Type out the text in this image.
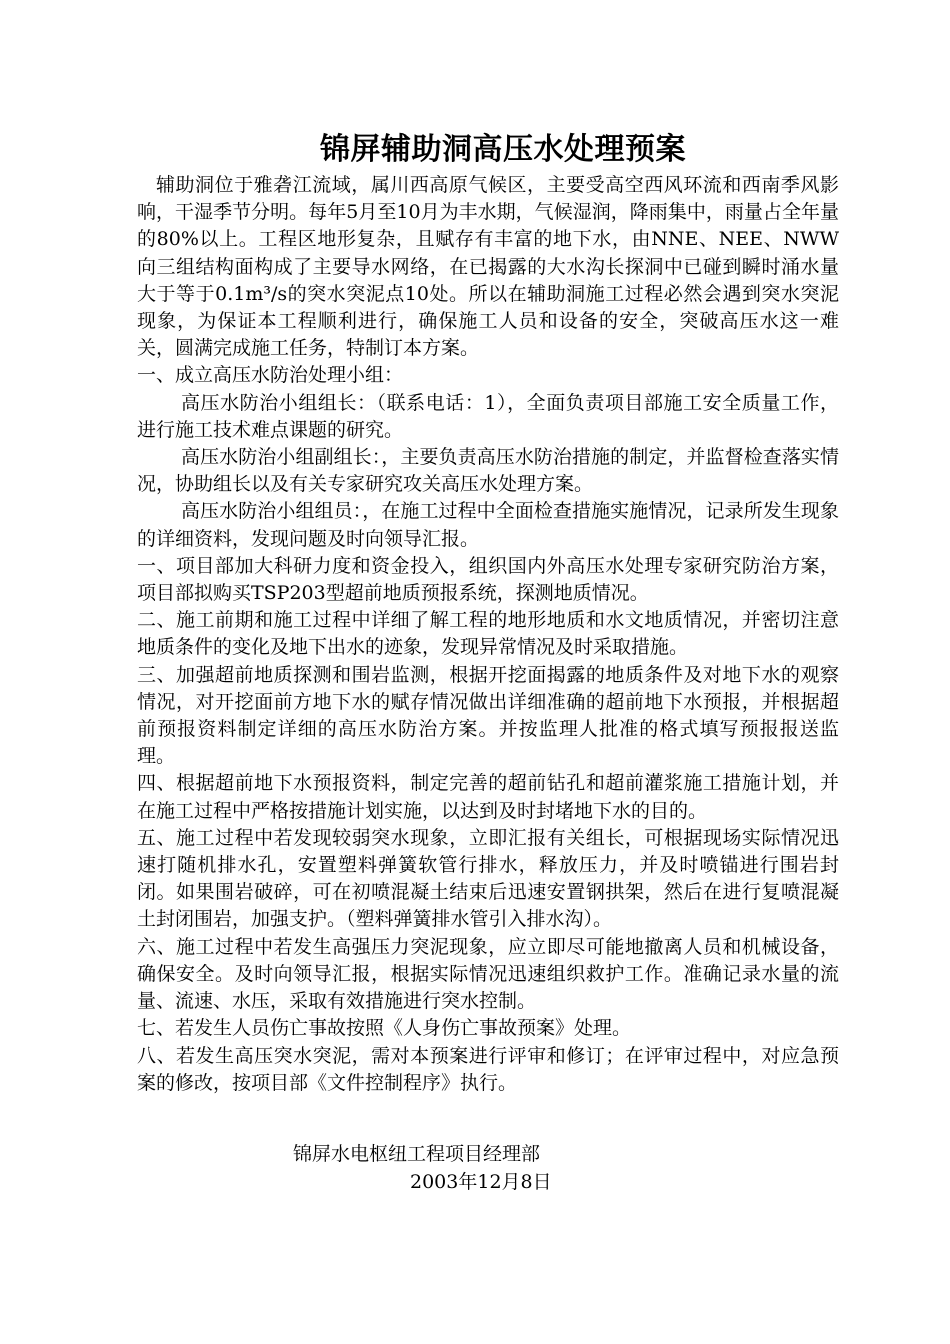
锦屏辅助洞高压水处理预案

辅助洞位于雅砻江流域，属川西高原气候区，主要受高空西风环流和西南季风影响，干湿季节分明。每年5月至10月为丰水期，气候湿润，降雨集中，雨量占全年量的80%以上。工程区地形复杂，且赋存有丰富的地下水，由NNE、NEE、NWW向三组结构面构成了主要导水网络，在已揭露的大水沟长探洞中已碰到瞬时涌水量大于等于0.1m³/s的突水突泥点10处。所以在辅助洞施工过程必然会遇到突水突泥现象，为保证本工程顺利进行，确保施工人员和设备的安全，突破高压水这一难关，圆满完成施工任务，特制订本方案。

一、成立高压水防治处理小组：

高压水防治小组组长：（联系电话：1），全面负责项目部施工安全质量工作，进行施工技术难点课题的研究。

高压水防治小组副组长：，主要负责高压水防治措施的制定，并监督检查落实情况，协助组长以及有关专家研究攻关高压水处理方案。

高压水防治小组组员：，在施工过程中全面检查措施实施情况，记录所发生现象的详细资料，发现问题及时向领导汇报。

一、项目部加大科研力度和资金投入，组织国内外高压水处理专家研究防治方案，项目部拟购买TSP203型超前地质预报系统，探测地质情况。

二、施工前期和施工过程中详细了解工程的地形地质和水文地质情况，并密切注意地质条件的变化及地下出水的迹象，发现异常情况及时采取措施。

三、加强超前地质探测和围岩监测，根据开挖面揭露的地质条件及对地下水的观察情况，对开挖面前方地下水的赋存情况做出详细准确的超前地下水预报，并根据超前预报资料制定详细的高压水防治方案。并按监理人批准的格式填写预报报送监理。

四、根据超前地下水预报资料，制定完善的超前钻孔和超前灌浆施工措施计划，并在施工过程中严格按措施计划实施，以达到及时封堵地下水的目的。

五、施工过程中若发现较弱突水现象，立即汇报有关组长，可根据现场实际情况迅速打随机排水孔，安置塑料弹簧软管行排水，释放压力，并及时喷锚进行围岩封闭。如果围岩破碎，可在初喷混凝土结束后迅速安置钢拱架，然后在进行复喷混凝土封闭围岩，加强支护。（塑料弹簧排水管引入排水沟）。

六、施工过程中若发生高强压力突泥现象，应立即尽可能地撤离人员和机械设备，确保安全。及时向领导汇报，根据实际情况迅速组织救护工作。准确记录水量的流量、流速、水压，采取有效措施进行突水控制。

七、若发生人员伤亡事故按照《人身伤亡事故预案》处理。

八、若发生高压突水突泥，需对本预案进行评审和修订；在评审过程中，对应急预案的修改，按项目部《文件控制程序》执行。

锦屏水电枢纽工程项目经理部
2003年12月8日
